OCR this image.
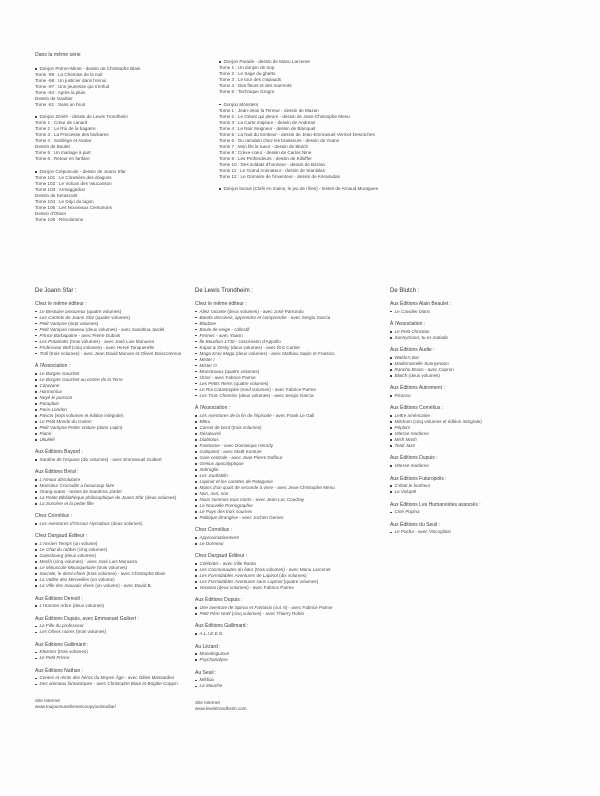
Dans la même série
Donjon Potron-Minet - dessin de Christophe Blain
Tome -99 : La Chemise de la nuit
Tome -98 : Un justicier dans l'ennui
Tome -97 : Une jeunesse qui s'enfuit
Tome -84 : Après la pluie
Dessin de Gaultier
Tome -81 : Sans un bruit
Donjon Zénith - dessin de Lewis Trondheim
Tome 1 : Cœur de canard
Tome 2 : Le Roi de la bagarre
Tome 3 : La Princesse des barbares
Tome 4 : Sortilège et Avatar
Dessin de Boulet
Tome 5 : Un mariage à part
Tome 6 : Retour en fanfare
Donjon Crépuscule - dessin de Joann Sfar
Tome 101 : Le Cimetière des dragons
Tome 102 : Le Volcan des Vaucanson
Tome 103 : Armaggedon
Dessin de Kerascoët
Tome 104 : Le Dojo du lagon
Tome 105 : Les Nouveaux Centurions
Dessin d'Obion
Tome 106 : Révolutions
Donjon Parade - dessin de Manu Larcenet
Tome 1 : Un donjon de trop
Tome 2 : Le Sage du ghetto
Tome 3 : Le tour des crapauds
Tome 4 : Des fleurs et des marmots
Tome 5 : Technique Grogro
Donjon Monsters
Tome 1 : Jean-Jean la Terreur - dessin de Mazan
Tome 2 : Le Géant qui pleure - dessin de Jean-Christophe Menu
Tome 3 : La Carte majeure - dessin de Andreas
Tome 4 : Le Noir Seigneur - dessin de Blanquet
Tome 5 : La Nuit du tombeur - dessin de Jean-Emmanuel Vermot-Desroches
Tome 6 : Du ramdam chez les brasseurs - dessin de Yoann
Tome 7 : Mon fils le tueur - dessin de Blutch
Tome 8 : Crève-cœur - dessin de Carlos Nine
Tome 9 : Les Profondeurs - dessin de Killoffer
Tome 10 : Des soldats d'honneur - dessin de Bézian
Tome 11 : Le Grand Animateur - dessin de Stanislas
Tome 12 : Le Grimoire de l'inventeur - dessin de Kéramidas
Donjon bonus (Clefs en mains, le jeu de rôles) - textes de Arnaud Moragues
De Joann Sfar :
Chez le même éditeur :
Le Bestiaire amoureux (quatre volumes)
Les Carnets de Joann Sfar (quatre volumes)
Petit Vampire (sept volumes)
Petit Vampire noweau (deux volumes) - avec Sandrina Jardel
Prince Barbapalne - avec Pierre Dubois
Les Potamoks (trois volumes) - avec José Luis Munuera
Professeur Bell (cinq volumes) - avec Hervé Tanquerelle
Troll (trois volumes) - avec Jean David Morvan et Olivier Boiscommun
À l'Association :
Le Borgne Gauchet
Le Borgne Gauchet au centre de la Terre
Caravane
Harmonica
Noyé le poisson
Parapluie
Paris-London
Pascin (sept volumes et édition intégrale)
Le Petit Monde du Golem
Petit Vampire Petite Voiture (dans Lapin)
Piano
Ukulélé
Aux Éditions Bayard :
Sardine de l'espace (dix volumes) - avec Emmanuel Guibert
Aux Éditions Bréal :
L'Amour absolutaire
Monsieur Crocodile a beaucoup faim
Orang-outan - textes de Sandrina Jardel
La Petite Bibliothèque philosophique de Joann Sfar (deux volumes)
La Sorcière et la petite fille
Chez Cornélius :
Les Aventures d'Ossour Hyrsidoux (deux volumes)
Chez Dargaud Éditeur :
L'Ancien Temps (un volume)
Le Chat du rabbin (cinq volumes)
Gainsbourg (deux volumes)
Merlin (cinq volumes) - avec José Luis Munuera
Le Minuscule Mousquetaire (trois volumes)
Socrate, le demi-chien (trois volumes) - avec Christophe Blain
La Vallée des Merveilles (un volume)
La Ville des mauvais rêves (un volume) - avec David B.
Aux Éditions Denoël :
L'Homme Arbre (deux volumes)
Aux Éditions Dupuis, avec Emmanuel Guibert :
La Fille du professeur
Les Olives noires (trois volumes)
Aux Éditions Gallimard :
Klezmer (trois volumes)
Le Petit Prince
Aux Éditions Nathan :
Contes et récits des héros du Moyen Âge - avec Gilles Massardier
Des animaux fantastiques - avec Christophe Blain et Brigitte Coppin
Site Internet
www.toujoursunelivreetcoopyourisndiar/
De Lewis Trondheim :
Chez le même éditeur :
Allez raconte (deux volumes) - avec José Parrondo
Bande dessinée, apprendre et comprendre - avec Sergio García
Bludzee
Boule de neige - collectif
Fennec - avec Yoann
Île Bourbon 1730 - coscénario d'Appollo
Kaput & Zösky (deux volumes) - avec Éric Cartier
Maga Krav Maga (deux volumes) - avec Mathieu Sapin et Frantico
Mister I
Mister O
Monstrueux (quatre volumes)
Omni - avec Fabrice Parme
Les Petits Riens (quatre volumes)
Le Roi Catastrophe (neuf volumes) - avec Fabrice Parme
Les Trois Chemins (deux volumes) - avec Sergio García
À l'Association :
Les Aventures de la fin de l'épisode - avec Frank Le Gall
Blëru
Carnet de bord (trois volumes)
Désœuvré
Diablotus
Fantasme - avec Dominique Hérody
Galopinot - avec Mattt Konture
Gare centrale - avec Jean-Pierre Duffour
Genius apocalyptique
Imbroglio
Les Joutfablin
Lapinot et les carottes de Patagonie
Moins d'un quart de seconde à vivre - avec Jean-Christophe Menu
Non, non, non
Nous sommes tous morts - avec Jean-Luc Coudray
La Nouvelle Pornographie
Le Pays des trois sourires
Politique étrangère - avec Jochen Gerner
Chez Cornélius :
Approximativement
Le Dormeur
Chez Dargaud Éditeur :
Célébritis - avec Ville Ranta
Les Cosmonautes du futur (trois volumes) - avec Manu Larcenet
Les Formidables Aventures de Lapinot (dix volumes)
Les Formidables Aventures sans Lapinot (quatre volumes)
Venezia (deux volumes) - avec Fabrice Parme
Aux Éditions Dupuis :
Une aventure de Spirou et Fantasio (vol. 6) - avec Fabrice Parme
Petit Père Noël (cinq volumes) - avec Thierry Robin
Aux Éditions Gallimard :
A.L.I.E.E.N.
Au Lézard :
Monolinguison
Psychanalyse
Au Seuil :
Mildiou
La Mouche
Site Internet
www.lewistrondheim.com
De Blutch :
Aux Éditions Alain Beaulet :
Le Cavalier blanc
À l'Association :
Le Petit Christian
Sunnymoon, tu es malade
Aux Éditions Audie :
Waldo's Bar
Mademoiselle Sunnymoon
Rancho Bravo - avec Capron
Blotch (deux volumes)
Aux Éditions Autrement :
Picasso
Aux Éditions Cornélius :
Lettre américaine
Mitchum (cinq volumes et édition intégrale)
Péplum
Vitesse moderne
Mish Mash
Total Jazz
Aux Éditions Dupuis :
Vitesse moderne
Aux Éditions Futuropolis :
C'était le bonheur
La Volupté
Aux Éditions Les Humanoïdes associés :
Ciné Popina
Aux Éditions du Seuil :
Le Pacha - avec Viscogliosi
